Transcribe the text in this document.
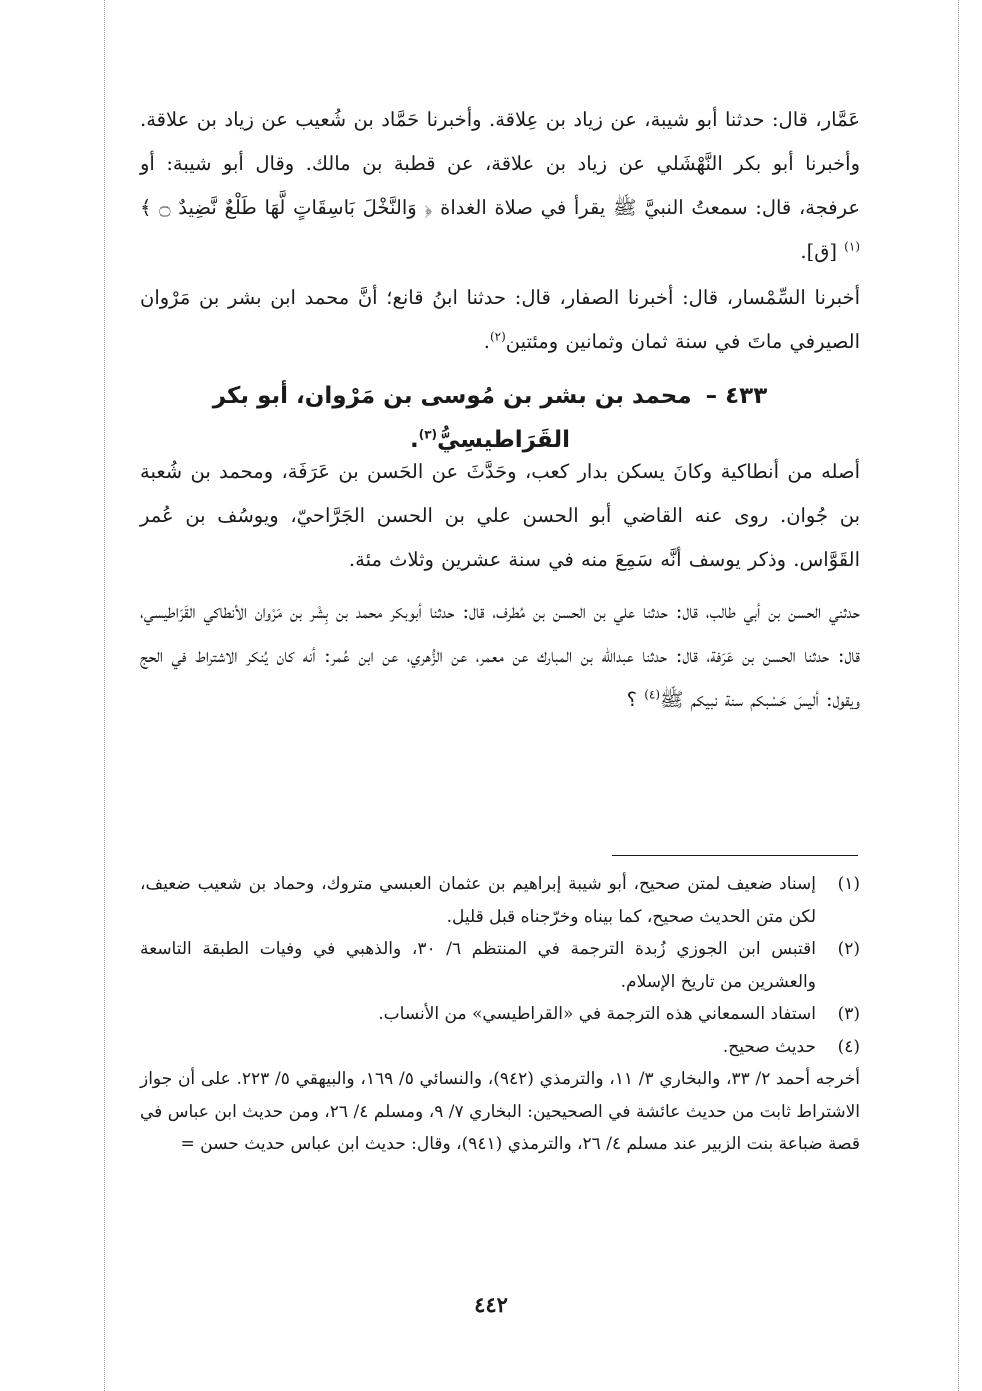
عَمَّار، قال: حدثنا أبو شيبة، عن زياد بن عِلاقة. وأخبرنا حَمَّاد بن شُعيب عن زياد بن علاقة. وأخبرنا أبو بكر النَّهْشَلي عن زياد بن علاقة، عن قطبة بن مالك. وقال أبو شيبة: أو عرفجة، قال: سمعتُ النبيَّ ﷺ يقرأ في صلاة الغداة ﴿ وَالنَّخْلَ بَاسِقَاتٍ لَّهَا طَلْعٌ نَّضِيدٌ ۝ ﴾$^{(١)}$ [ق].

أخبرنا السِّمْسار، قال: أخبرنا الصفار، قال: حدثنا ابنُ قانع؛ أنَّ محمد ابن بشر بن مَرْوان الصيرفي ماتَ في سنة ثمان وثمانين ومئتين$^{(٢)}$.

٤٣٣ – محمد بن بشر بن مُوسى بن مَرْوان، أبو بكر القَرَاطيسِيُّ$^{(٣)}$.

أصله من أنطاكية وكانَ يسكن بدار كعب، وحَدَّثَ عن الحَسن بن عَرَفَة، ومحمد بن شُعبة بن جُوان. روى عنه القاضي أبو الحسن علي بن الحسن الجَرَّاحيّ، ويوسُف بن عُمر القَوَّاس. وذكر يوسف أنَّه سَمِعَ منه في سنة عشرين وثلاث مئة.

حدثني الحسن بن أبي طالب، قال: حدثنا علي بن الحسن بن مُطرف، قال: حدثنا أبوبكر محمد بن بِشْر بن مَرْوان الأنطاكي القَرَاطيسي، قال: حدثنا الحسن بن عَرَفة، قال: حدثنا عبدالله بن المبارك عن معمر، عن الزُّهري، عن ابن عُمر: أنه كان يُنكر الاشتراط في الحج ويقول: أليسَ حَسْبكم سنة نبيكم ﷺ$^{(٤)}$ ؟

(١)
إسناد ضعيف لمتن صحيح، أبو شيبة إبراهيم بن عثمان العبسي متروك، وحماد بن شعيب ضعيف، لكن متن الحديث صحيح، كما بيناه وخرّجناه قبل قليل.

(٢)
اقتبس ابن الجوزي زُبدة الترجمة في المنتظم ٦/ ٣٠، والذهبي في وفيات الطبقة التاسعة والعشرين من تاريخ الإسلام.

(٣)
استفاد السمعاني هذه الترجمة في «القراطيسي» من الأنساب.

(٤)
حديث صحيح.

أخرجه أحمد ٢/ ٣٣، والبخاري ٣/ ١١، والترمذي (٩٤٢)، والنسائي ٥/ ١٦٩، والبيهقي ٥/ ٢٢٣. على أن جواز الاشتراط ثابت من حديث عائشة في الصحيحين: البخاري ٧/ ٩، ومسلم ٤/ ٢٦، ومن حديث ابن عباس في قصة ضباعة بنت الزبير عند مسلم ٤/ ٢٦، والترمذي (٩٤١)، وقال: حديث ابن عباس حديث حسن =

٤٤٢
